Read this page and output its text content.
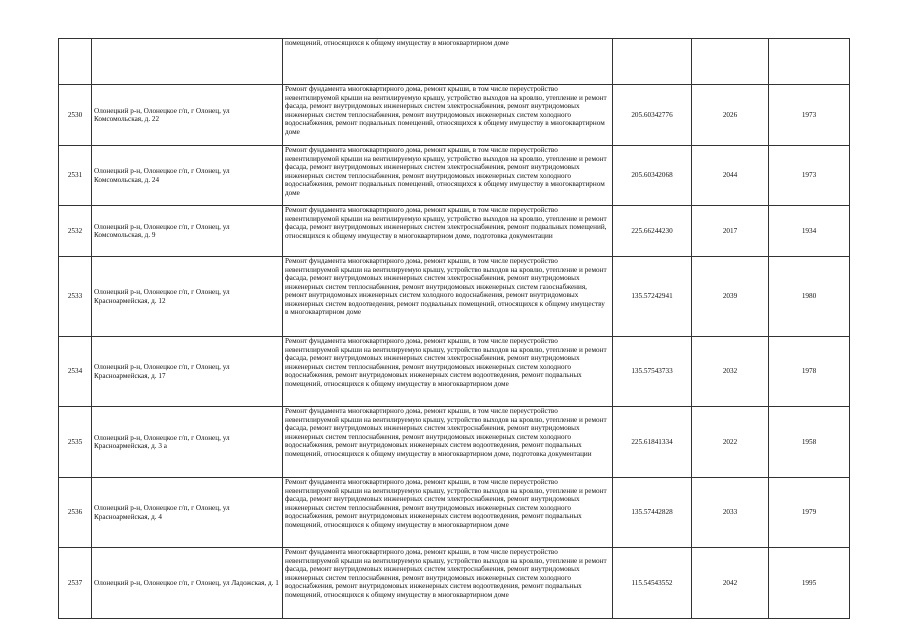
		помещений, относящихся к общему имуществу в многоквартирном доме			
2530	Олонецкий р-н, Олонецкое г/п, г Олонец, ул Комсомольская, д. 22	Ремонт фундамента многоквартирного дома, ремонт крыши, в том числе переустройство невентилируемой крыши на вентилируемую крышу, устройство выходов на кровлю, утепление и ремонт фасада, ремонт внутридомовых инженерных систем электроснабжения, ремонт внутридомовых инженерных систем теплоснабжения, ремонт внутридомовых инженерных систем холодного водоснабжения, ремонт подвальных помещений, относящихся к общему имуществу в многоквартирном доме	205.60342776	2026	1973
2531	Олонецкий р-н, Олонецкое г/п, г Олонец, ул Комсомольская, д. 24	Ремонт фундамента многоквартирного дома, ремонт крыши, в том числе переустройство невентилируемой крыши на вентилируемую крышу, устройство выходов на кровлю, утепление и ремонт фасада, ремонт внутридомовых инженерных систем электроснабжения, ремонт внутридомовых инженерных систем теплоснабжения, ремонт внутридомовых инженерных систем холодного водоснабжения, ремонт подвальных помещений, относящихся к общему имуществу в многоквартирном доме	205.60342068	2044	1973
2532	Олонецкий р-н, Олонецкое г/п, г Олонец, ул Комсомольская, д. 9	Ремонт фундамента многоквартирного дома, ремонт крыши, в том числе переустройство невентилируемой крыши на вентилируемую крышу, устройство выходов на кровлю, утепление и ремонт фасада, ремонт внутридомовых инженерных систем электроснабжения, ремонт подвальных помещений, относящихся к общему имуществу в многоквартирном доме, подготовка документации	225.66244230	2017	1934
2533	Олонецкий р-н, Олонецкое г/п, г Олонец, ул Красноармейская, д. 12	Ремонт фундамента многоквартирного дома, ремонт крыши, в том числе переустройство невентилируемой крыши на вентилируемую крышу, устройство выходов на кровлю, утепление и ремонт фасада, ремонт внутридомовых инженерных систем электроснабжения, ремонт внутридомовых инженерных систем теплоснабжения, ремонт внутридомовых инженерных систем газоснабжения, ремонт внутридомовых инженерных систем холодного водоснабжения, ремонт внутридомовых инженерных систем водоотведения, ремонт подвальных помещений, относящихся к общему имуществу в многоквартирном доме	135.57242941	2039	1980
2534	Олонецкий р-н, Олонецкое г/п, г Олонец, ул Красноармейская, д. 17	Ремонт фундамента многоквартирного дома, ремонт крыши, в том числе переустройство невентилируемой крыши на вентилируемую крышу, устройство выходов на кровлю, утепление и ремонт фасада, ремонт внутридомовых инженерных систем электроснабжения, ремонт внутридомовых инженерных систем теплоснабжения, ремонт внутридомовых инженерных систем холодного водоснабжения, ремонт внутридомовых инженерных систем водоотведения, ремонт подвальных помещений, относящихся к общему имуществу в многоквартирном доме	135.57543733	2032	1978
2535	Олонецкий р-н, Олонецкое г/п, г Олонец, ул Красноармейская, д. 3 а	Ремонт фундамента многоквартирного дома, ремонт крыши, в том числе переустройство невентилируемой крыши на вентилируемую крышу, устройство выходов на кровлю, утепление и ремонт фасада, ремонт внутридомовых инженерных систем электроснабжения, ремонт внутридомовых инженерных систем теплоснабжения, ремонт внутридомовых инженерных систем холодного водоснабжения, ремонт внутридомовых инженерных систем водоотведения, ремонт подвальных помещений, относящихся к общему имуществу в многоквартирном доме, подготовка документации	225.61841334	2022	1958
2536	Олонецкий р-н, Олонецкое г/п, г Олонец, ул Красноармейская, д. 4	Ремонт фундамента многоквартирного дома, ремонт крыши, в том числе переустройство невентилируемой крыши на вентилируемую крышу, устройство выходов на кровлю, утепление и ремонт фасада, ремонт внутридомовых инженерных систем электроснабжения, ремонт внутридомовых инженерных систем теплоснабжения, ремонт внутридомовых инженерных систем холодного водоснабжения, ремонт внутридомовых инженерных систем водоотведения, ремонт подвальных помещений, относящихся к общему имуществу в многоквартирном доме	135.57442828	2033	1979
2537	Олонецкий р-н, Олонецкое г/п, г Олонец, ул Ладожская, д. 1	Ремонт фундамента многоквартирного дома, ремонт крыши, в том числе переустройство невентилируемой крыши на вентилируемую крышу, устройство выходов на кровлю, утепление и ремонт фасада, ремонт внутридомовых инженерных систем электроснабжения, ремонт внутридомовых инженерных систем теплоснабжения, ремонт внутридомовых инженерных систем холодного водоснабжения, ремонт внутридомовых инженерных систем водоотведения, ремонт подвальных помещений, относящихся к общему имуществу в многоквартирном доме	115.54543552	2042	1995
